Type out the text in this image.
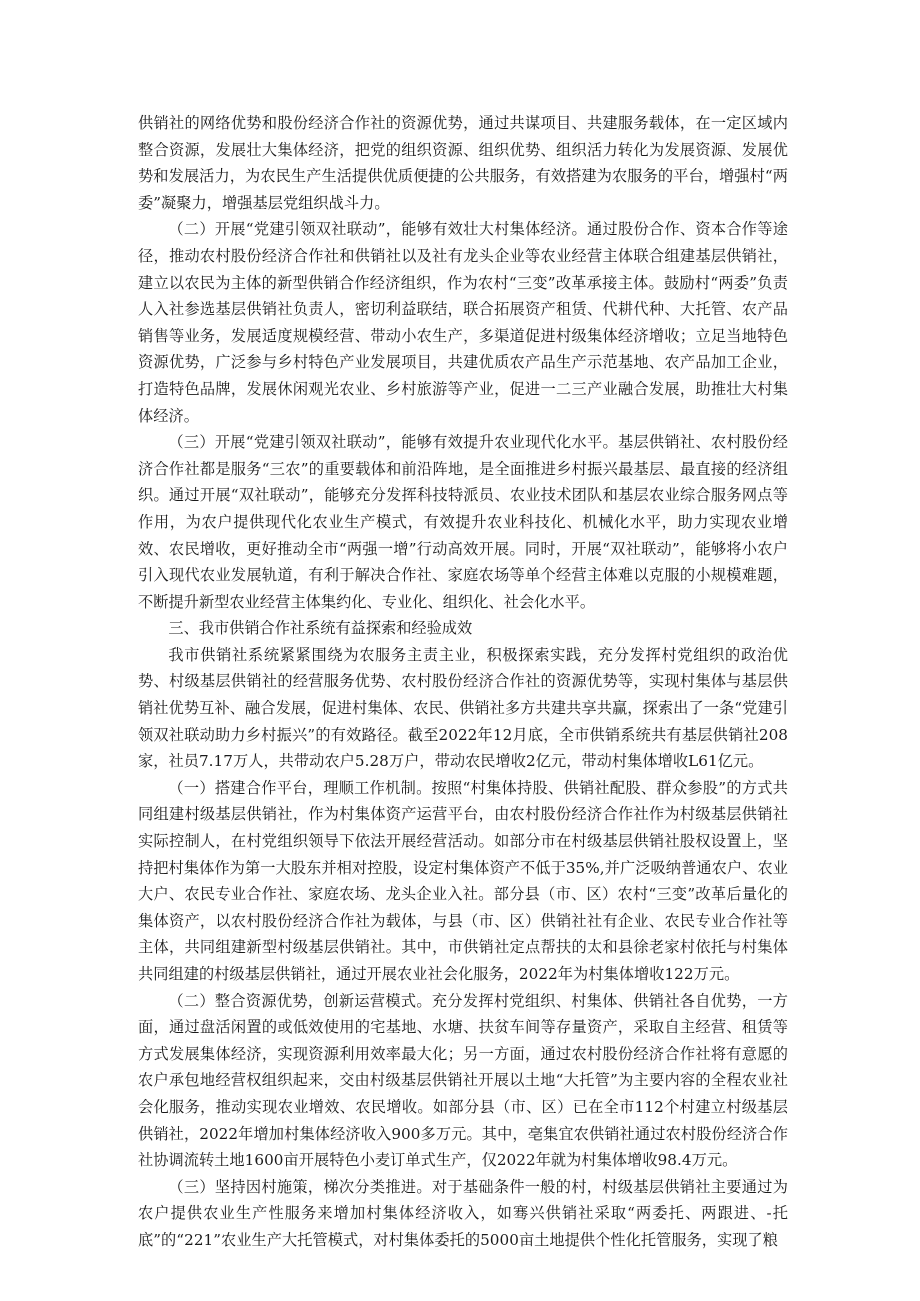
供销社的网络优势和股份经济合作社的资源优势，通过共谋项目、共建服务载体，在一定区域内整合资源，发展壮大集体经济，把党的组织资源、组织优势、组织活力转化为发展资源、发展优势和发展活力，为农民生产生活提供优质便捷的公共服务，有效搭建为农服务的平台，增强村“两委”凝聚力，增强基层党组织战斗力。

（二）开展“党建引领双社联动”，能够有效壮大村集体经济。通过股份合作、资本合作等途径，推动农村股份经济合作社和供销社以及社有龙头企业等农业经营主体联合组建基层供销社，建立以农民为主体的新型供销合作经济组织，作为农村“三变”改革承接主体。鼓励村“两委”负责人入社参选基层供销社负责人，密切利益联结，联合拓展资产租赁、代耕代种、大托管、农产品销售等业务，发展适度规模经营、带动小农生产，多渠道促进村级集体经济增收；立足当地特色资源优势，广泛参与乡村特色产业发展项目，共建优质农产品生产示范基地、农产品加工企业，打造特色品牌，发展休闲观光农业、乡村旅游等产业，促进一二三产业融合发展，助推壮大村集体经济。

（三）开展“党建引领双社联动”，能够有效提升农业现代化水平。基层供销社、农村股份经济合作社都是服务“三农”的重要载体和前沿阵地，是全面推进乡村振兴最基层、最直接的经济组织。通过开展“双社联动”，能够充分发挥科技特派员、农业技术团队和基层农业综合服务网点等作用，为农户提供现代化农业生产模式，有效提升农业科技化、机械化水平，助力实现农业增效、农民增收，更好推动全市“两强一增”行动高效开展。同时，开展“双社联动”，能够将小农户引入现代农业发展轨道，有利于解决合作社、家庭农场等单个经营主体难以克服的小规模难题，不断提升新型农业经营主体集约化、专业化、组织化、社会化水平。

三、我市供销合作社系统有益探索和经验成效

我市供销社系统紧紧围绕为农服务主责主业，积极探索实践，充分发挥村党组织的政治优势、村级基层供销社的经营服务优势、农村股份经济合作社的资源优势等，实现村集体与基层供销社优势互补、融合发展，促进村集体、农民、供销社多方共建共享共赢，探索出了一条“党建引领双社联动助力乡村振兴”的有效路径。截至2022年12月底，全市供销系统共有基层供销社208家，社员7.17万人，共带动农户5.28万户，带动农民增收2亿元，带动村集体增收L61亿元。

（一）搭建合作平台，理顺工作机制。按照“村集体持股、供销社配股、群众参股”的方式共同组建村级基层供销社，作为村集体资产运营平台，由农村股份经济合作社作为村级基层供销社实际控制人，在村党组织领导下依法开展经营活动。如部分市在村级基层供销社股权设置上，坚持把村集体作为第一大股东并相对控股，设定村集体资产不低于35%,并广泛吸纳普通农户、农业大户、农民专业合作社、家庭农场、龙头企业入社。部分县（市、区）农村“三变”改革后量化的集体资产，以农村股份经济合作社为载体，与县（市、区）供销社社有企业、农民专业合作社等主体，共同组建新型村级基层供销社。其中，市供销社定点帮扶的太和县徐老家村依托与村集体共同组建的村级基层供销社，通过开展农业社会化服务，2022年为村集体增收122万元。

（二）整合资源优势，创新运营模式。充分发挥村党组织、村集体、供销社各自优势，一方面，通过盘活闲置的或低效使用的宅基地、水塘、扶贫车间等存量资产，采取自主经营、租赁等方式发展集体经济，实现资源利用效率最大化；另一方面，通过农村股份经济合作社将有意愿的农户承包地经营权组织起来，交由村级基层供销社开展以土地“大托管”为主要内容的全程农业社会化服务，推动实现农业增效、农民增收。如部分县（市、区）已在全市112个村建立村级基层供销社，2022年增加村集体经济收入900多万元。其中，亳集宜农供销社通过农村股份经济合作社协调流转土地1600亩开展特色小麦订单式生产，仅2022年就为村集体增收98.4万元。

（三）坚持因村施策，梯次分类推进。对于基础条件一般的村，村级基层供销社主要通过为农户提供农业生产性服务来增加村集体经济收入，如骞兴供销社采取“两委托、两跟进、-托底”的“221”农业生产大托管模式，对村集体委托的5000亩土地提供个性化托管服务，实现了粮
